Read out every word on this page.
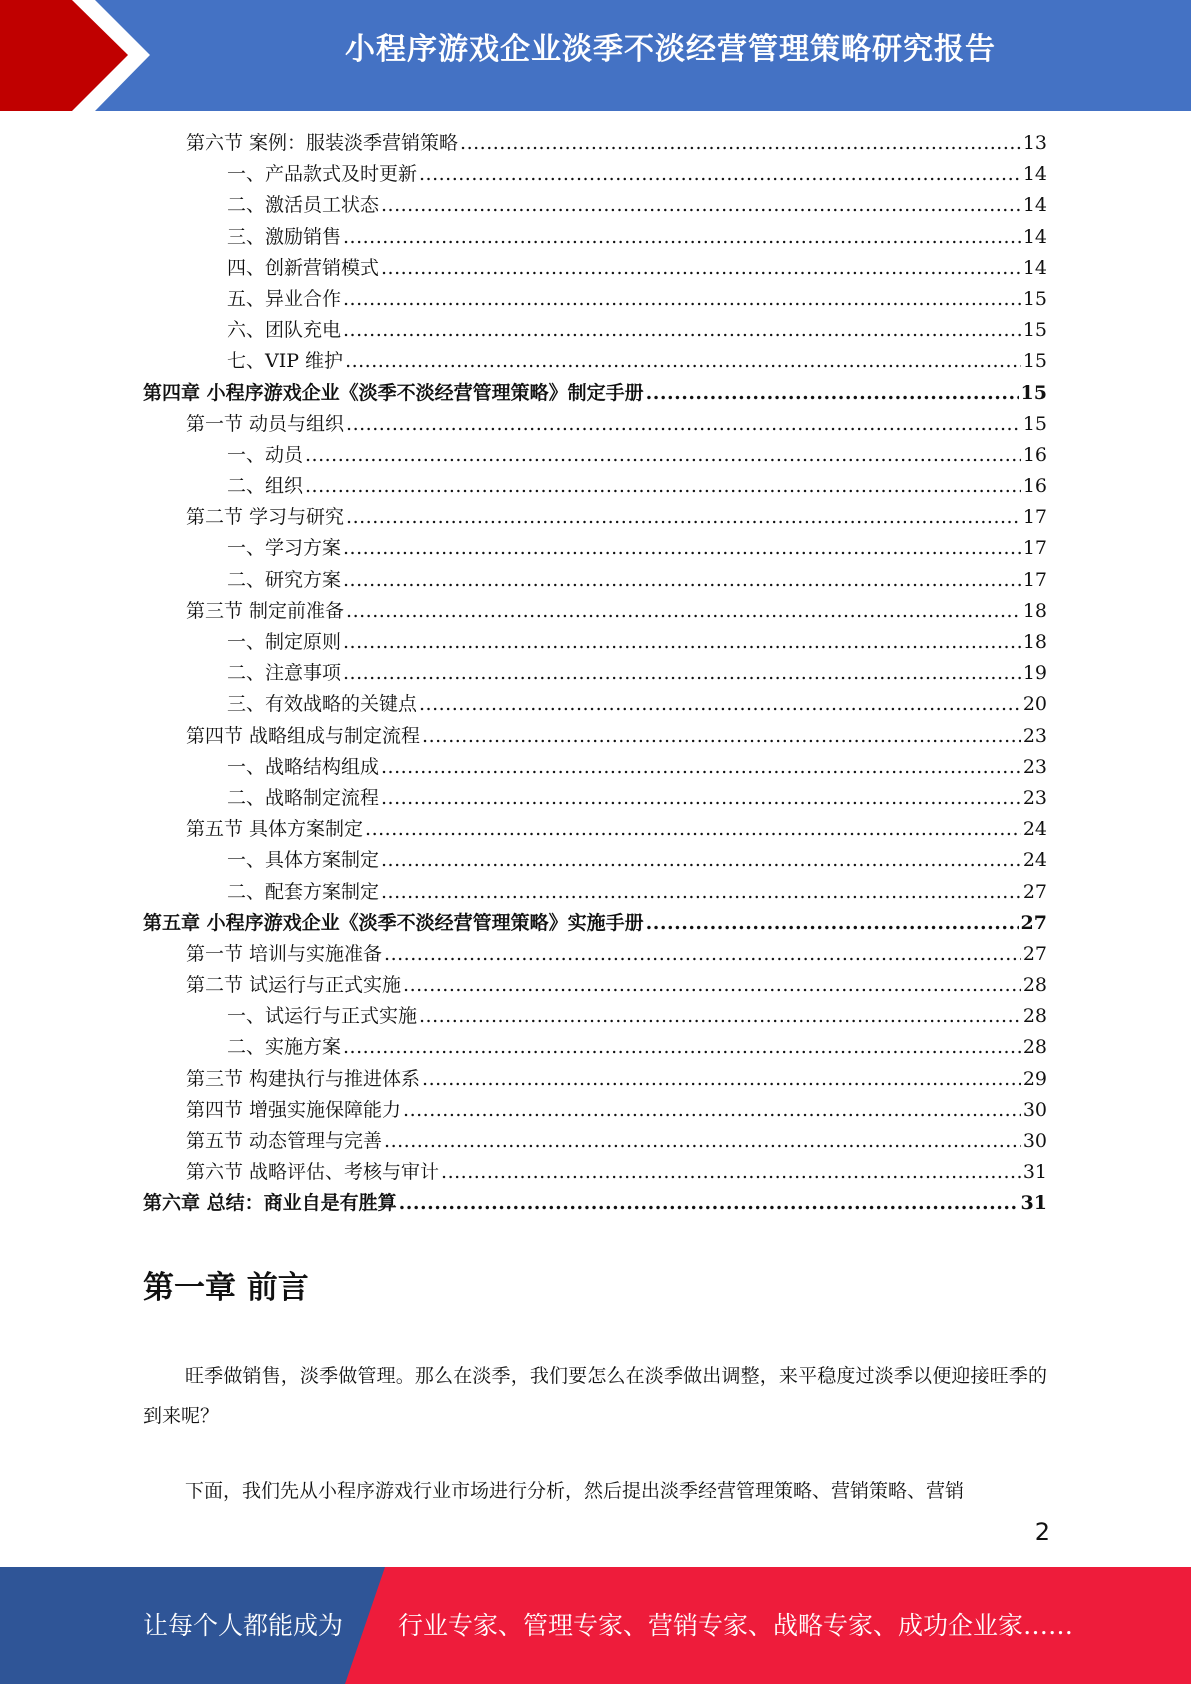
小程序游戏企业淡季不淡经营管理策略研究报告
第六节 案例：服装淡季营销策略 .....	13
一、产品款式及时更新 .....	14
二、激活员工状态 .....	14
三、激励销售 .....	14
四、创新营销模式 .....	14
五、异业合作 .....	15
六、团队充电 .....	15
七、VIP 维护 .....	15
第四章 小程序游戏企业《淡季不淡经营管理策略》制定手册 .....	15
第一节 动员与组织 .....	15
一、动员 .....	16
二、组织 .....	16
第二节 学习与研究 .....	17
一、学习方案 .....	17
二、研究方案 .....	17
第三节 制定前准备 .....	18
一、制定原则 .....	18
二、注意事项 .....	19
三、有效战略的关键点 .....	20
第四节 战略组成与制定流程 .....	23
一、战略结构组成 .....	23
二、战略制定流程 .....	23
第五节 具体方案制定 .....	24
一、具体方案制定 .....	24
二、配套方案制定 .....	27
第五章 小程序游戏企业《淡季不淡经营管理策略》实施手册 .....	27
第一节 培训与实施准备 .....	27
第二节 试运行与正式实施 .....	28
一、试运行与正式实施 .....	28
二、实施方案 .....	28
第三节 构建执行与推进体系 .....	29
第四节 增强实施保障能力 .....	30
第五节 动态管理与完善 .....	30
第六节 战略评估、考核与审计 .....	31
第六章 总结：商业自是有胜算 .....	31
第一章 前言
旺季做销售，淡季做管理。那么在淡季，我们要怎么在淡季做出调整，来平稳度过淡季以便迎接旺季的到来呢？
下面，我们先从小程序游戏行业市场进行分析，然后提出淡季经营管理策略、营销策略、营销
2
让每个人都能成为 行业专家、管理专家、营销专家、战略专家、成功企业家……
